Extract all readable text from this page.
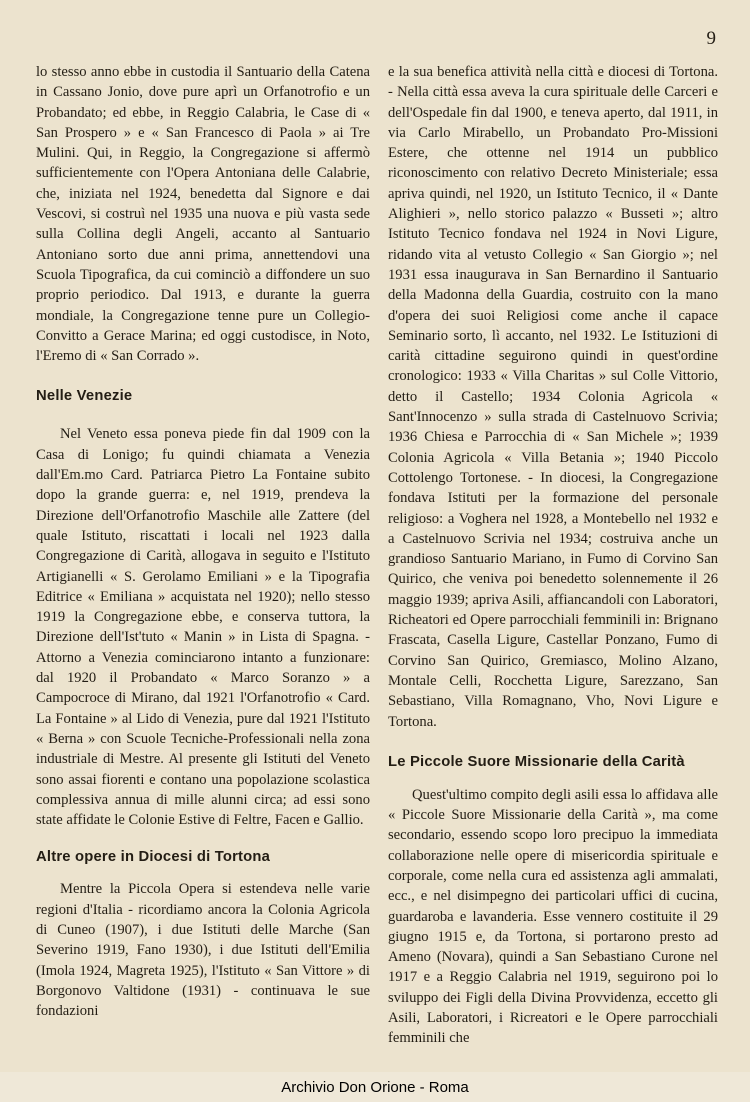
9

lo stesso anno ebbe in custodia il Santuario della Catena in Cassano Jonio, dove pure aprì un Orfanotrofio e un Probandato; ed ebbe, in Reggio Calabria, le Case di « San Prospero » e « San Francesco di Paola » ai Tre Mulini. Qui, in Reggio, la Congregazione si affermò sufficientemente con l'Opera Antoniana delle Calabrie, che, iniziata nel 1924, benedetta dal Signore e dai Vescovi, si costruì nel 1935 una nuova e più vasta sede sulla Collina degli Angeli, accanto al Santuario Antoniano sorto due anni prima, annettendovi una Scuola Tipografica, da cui cominciò a diffondere un suo proprio periodico. Dal 1913, e durante la guerra mondiale, la Congregazione tenne pure un Collegio-Convitto a Gerace Marina; ed oggi custodisce, in Noto, l'Eremo di « San Corrado ».

Nelle Venezie

Nel Veneto essa poneva piede fin dal 1909 con la Casa di Lonigo; fu quindi chiamata a Venezia dall'Em.mo Card. Patriarca Pietro La Fontaine subito dopo la grande guerra: e, nel 1919, prendeva la Direzione dell'Orfanotrofio Maschile alle Zattere (del quale Istituto, riscattati i locali nel 1923 dalla Congregazione di Carità, allogava in seguito e l'Istituto Artigianelli « S. Gerolamo Emiliani » e la Tipografia Editrice « Emiliana » acquistata nel 1920); nello stesso 1919 la Congregazione ebbe, e conserva tuttora, la Direzione dell'Ist'tuto « Manin » in Lista di Spagna. - Attorno a Venezia cominciarono intanto a funzionare: dal 1920 il Probandato « Marco Soranzo » a Campocroce di Mirano, dal 1921 l'Orfanotrofio « Card. La Fontaine » al Lido di Venezia, pure dal 1921 l'Istituto « Berna » con Scuole Tecniche-Professionali nella zona industriale di Mestre. Al presente gli Istituti del Veneto sono assai fiorenti e contano una popolazione scolastica complessiva annua di mille alunni circa; ad essi sono state affidate le Colonie Estive di Feltre, Facen e Gallio.

Altre opere in Diocesi di Tortona

Mentre la Piccola Opera si estendeva nelle varie regioni d'Italia - ricordiamo ancora la Colonia Agricola di Cuneo (1907), i due Istituti delle Marche (San Severino 1919, Fano 1930), i due Istituti dell'Emilia (Imola 1924, Magreta 1925), l'Istituto « San Vittore » di Borgonovo Valtidone (1931) - continuava le sue fondazioni

e la sua benefica attività nella città e diocesi di Tortona. - Nella città essa aveva la cura spirituale delle Carceri e dell'Ospedale fin dal 1900, e teneva aperto, dal 1911, in via Carlo Mirabello, un Probandato Pro-Missioni Estere, che ottenne nel 1914 un pubblico riconoscimento con relativo Decreto Ministeriale; essa apriva quindi, nel 1920, un Istituto Tecnico, il « Dante Alighieri », nello storico palazzo « Busseti »; altro Istituto Tecnico fondava nel 1924 in Novi Ligure, ridando vita al vetusto Collegio « San Giorgio »; nel 1931 essa inaugurava in San Bernardino il Santuario della Madonna della Guardia, costruito con la mano d'opera dei suoi Religiosi come anche il capace Seminario sorto, lì accanto, nel 1932. Le Istituzioni di carità cittadine seguirono quindi in quest'ordine cronologico: 1933 « Villa Charitas » sul Colle Vittorio, detto il Castello; 1934 Colonia Agricola « Sant'Innocenzo » sulla strada di Castelnuovo Scrivia; 1936 Chiesa e Parrocchia di « San Michele »; 1939 Colonia Agricola « Villa Betania »; 1940 Piccolo Cottolengo Tortonese. - In diocesi, la Congregazione fondava Istituti per la formazione del personale religioso: a Voghera nel 1928, a Montebello nel 1932 e a Castelnuovo Scrivia nel 1934; costruiva anche un grandioso Santuario Mariano, in Fumo di Corvino San Quirico, che veniva poi benedetto solennemente il 26 maggio 1939; apriva Asili, affiancandoli con Laboratori, Richeatori ed Opere parrocchiali femminili in: Brignano Frascata, Casella Ligure, Castellar Ponzano, Fumo di Corvino San Quirico, Gremiasco, Molino Alzano, Montale Celli, Rocchetta Ligure, Sarezzano, San Sebastiano, Villa Romagnano, Vho, Novi Ligure e Tortona.

Le Piccole Suore Missionarie della Carità

Quest'ultimo compito degli asili essa lo affidava alle « Piccole Suore Missionarie della Carità », ma come secondario, essendo scopo loro precipuo la immediata collaborazione nelle opere di misericordia spirituale e corporale, come nella cura ed assistenza agli ammalati, ecc., e nel disimpegno dei particolari uffici di cucina, guardaroba e lavanderia. Esse vennero costituite il 29 giugno 1915 e, da Tortona, si portarono presto ad Ameno (Novara), quindi a San Sebastiano Curone nel 1917 e a Reggio Calabria nel 1919, seguirono poi lo sviluppo dei Figli della Divina Provvidenza, eccetto gli Asili, Laboratori, i Ricreatori e le Opere parrocchiali femminili che

Archivio Don Orione - Roma
